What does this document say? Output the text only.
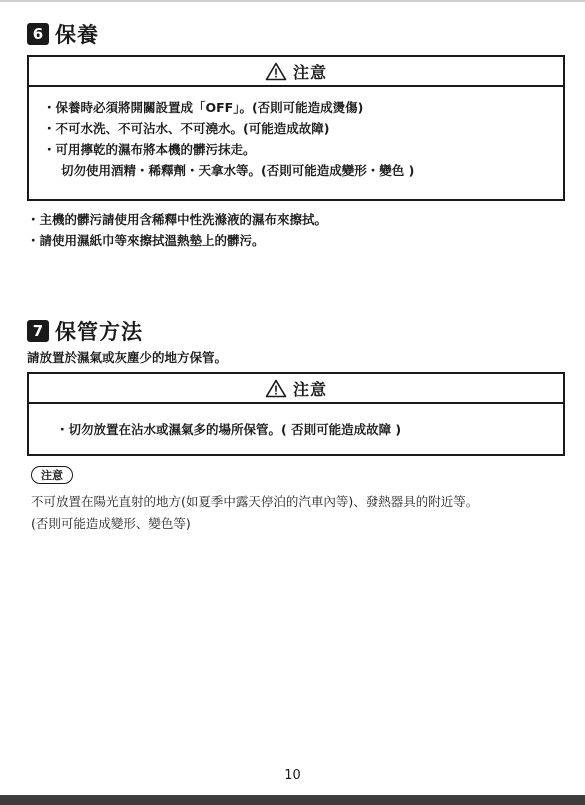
6 保養
注意
・保養時必須將開關設置成「OFF」。(否則可能造成燙傷)
・不可水洗、不可沾水、不可澆水。(可能造成故障)
・可用擰乾的濕布將本機的髒污抹走。
切勿使用酒精・稀釋劑・天拿水等。(否則可能造成變形・變色 )
・主機的髒污請使用含稀釋中性洗滌液的濕布來擦拭。
・請使用濕紙巾等來擦拭溫熱墊上的髒污。
7 保管方法
請放置於濕氣或灰塵少的地方保管。
注意
・切勿放置在沾水或濕氣多的場所保管。( 否則可能造成故障 )
注意
不可放置在陽光直射的地方(如夏季中露天停泊的汽車內等)、發熱器具的附近等。
(否則可能造成變形、變色等)
10
